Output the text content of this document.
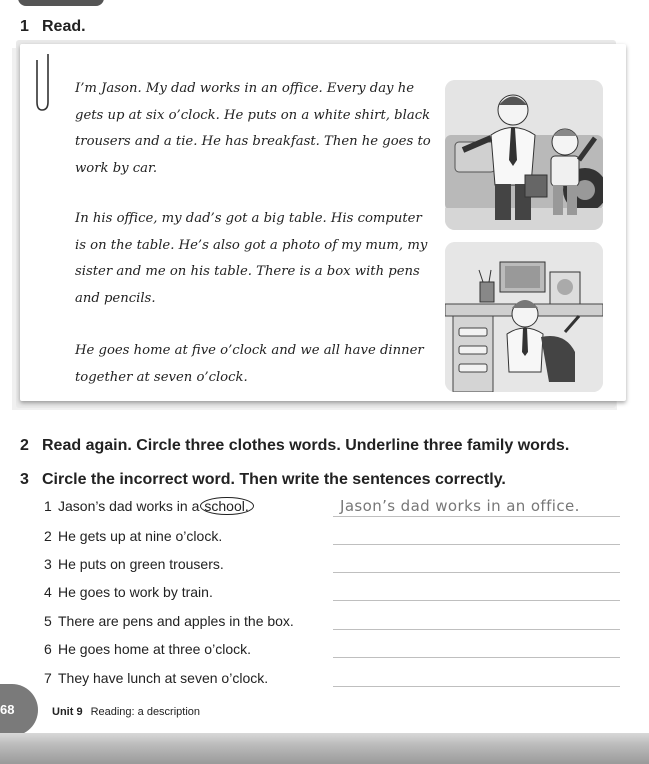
1 Read.
I’m Jason. My dad works in an office. Every day he gets up at six o’clock. He puts on a white shirt, black trousers and a tie. He has breakfast. Then he goes to work by car.
In his office, my dad’s got a big table. His computer is on the table. He’s also got a photo of my mum, my sister and me on his table. There is a box with pens and pencils.
He goes home at five o’clock and we all have dinner together at seven o’clock.
2 Read again. Circle three clothes words. Underline three family words.
3 Circle the incorrect word. Then write the sentences correctly.
1 Jason’s dad works in a school.	Jason’s dad works in an office.
2 He gets up at nine o’clock.
3 He puts on green trousers.
4 He goes to work by train.
5 There are pens and apples in the box.
6 He goes home at three o’clock.
7 They have lunch at seven o’clock.
68	Unit 9 Reading: a description
